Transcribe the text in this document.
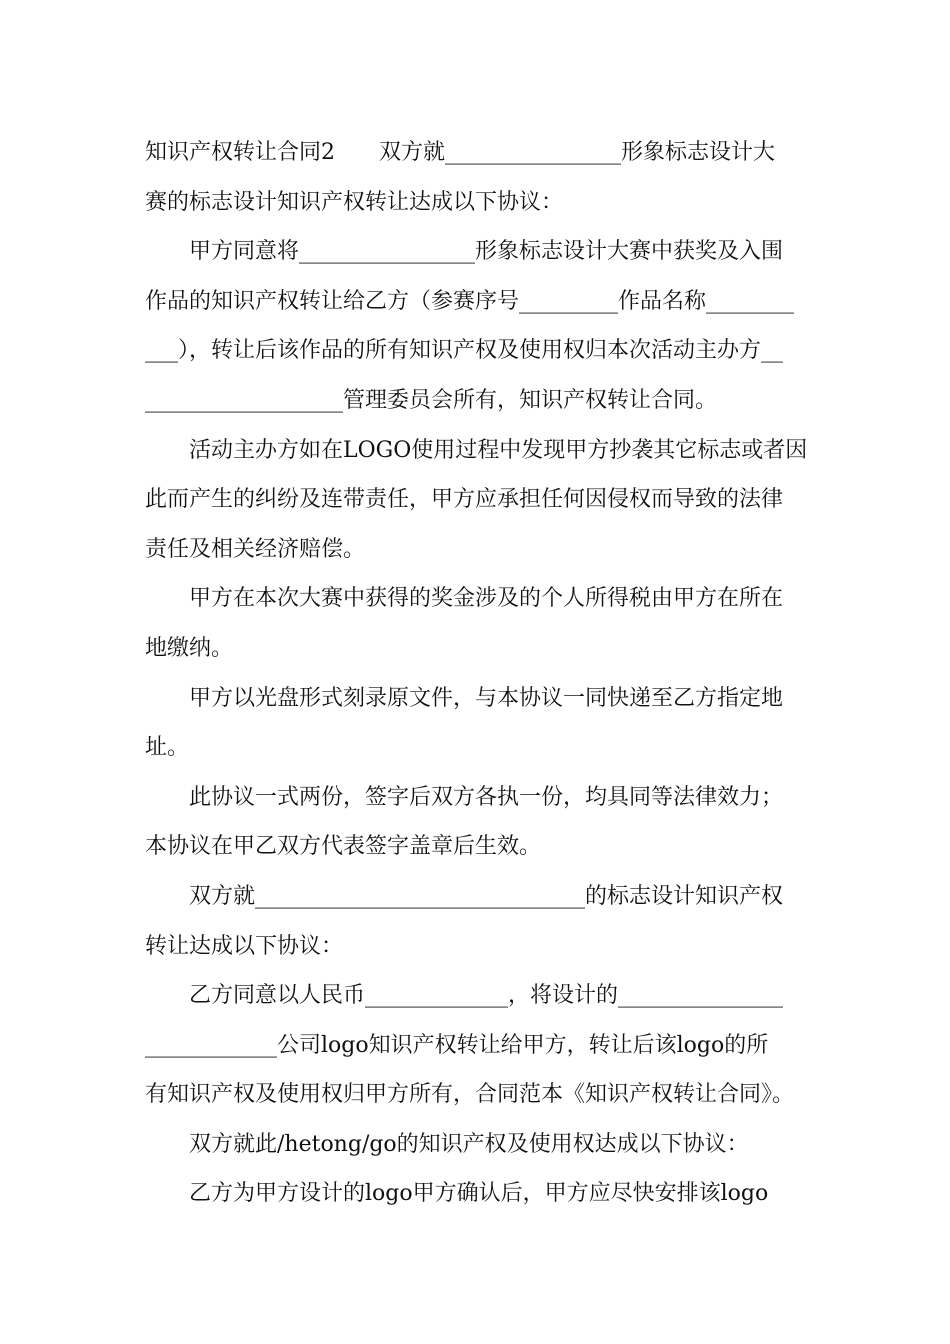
知识产权转让合同2　　双方就________________形象标志设计大
赛的标志设计知识产权转让达成以下协议：
甲方同意将________________形象标志设计大赛中获奖及入围
作品的知识产权转让给乙方（参赛序号_________作品名称________
___），转让后该作品的所有知识产权及使用权归本次活动主办方__
__________________管理委员会所有，知识产权转让合同。
活动主办方如在LOGO使用过程中发现甲方抄袭其它标志或者因
此而产生的纠纷及连带责任，甲方应承担任何因侵权而导致的法律
责任及相关经济赔偿。
甲方在本次大赛中获得的奖金涉及的个人所得税由甲方在所在
地缴纳。
甲方以光盘形式刻录原文件，与本协议一同快递至乙方指定地
址。
此协议一式两份，签字后双方各执一份，均具同等法律效力；
本协议在甲乙双方代表签字盖章后生效。
双方就______________________________的标志设计知识产权
转让达成以下协议：
乙方同意以人民币_____________，将设计的_______________
____________公司logo知识产权转让给甲方，转让后该logo的所
有知识产权及使用权归甲方所有，合同范本《知识产权转让合同》。
双方就此/hetong/go的知识产权及使用权达成以下协议：
乙方为甲方设计的logo甲方确认后，甲方应尽快安排该logo
